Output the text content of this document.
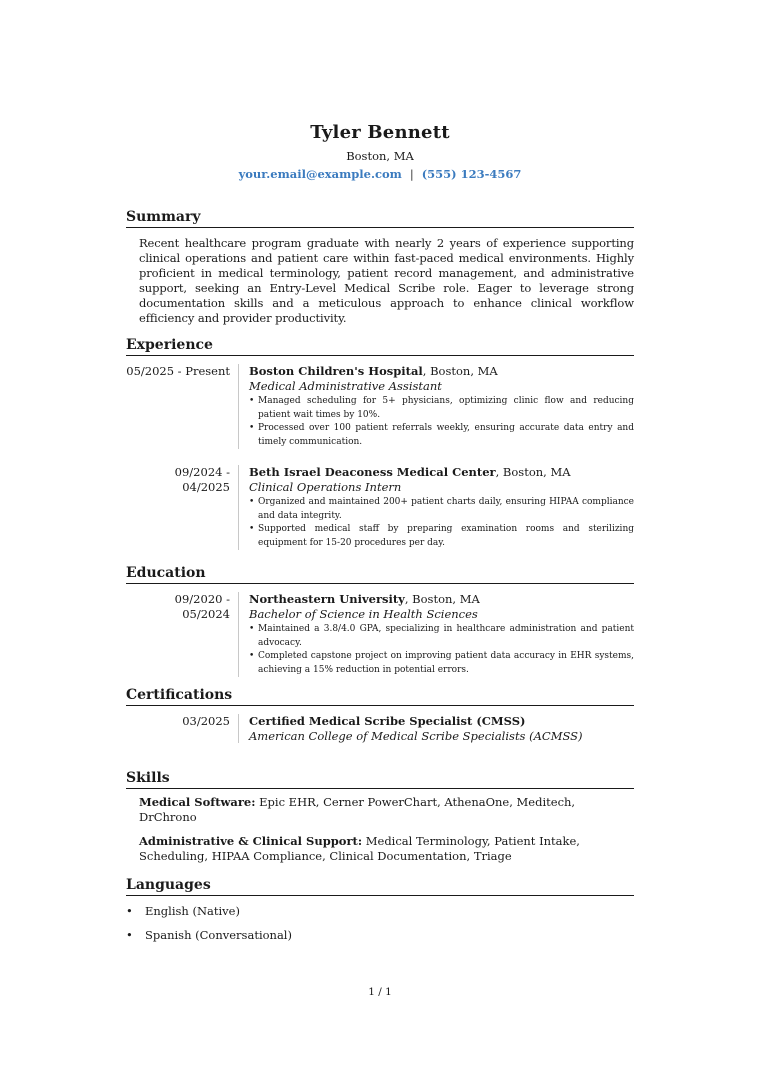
Tyler Bennett
Boston, MA
your.email@example.com | (555) 123-4567
Summary
Recent healthcare program graduate with nearly 2 years of experience supporting clinical operations and patient care within fast-paced medical environments. Highly proficient in medical terminology, patient record management, and administrative support, seeking an Entry-Level Medical Scribe role. Eager to leverage strong documentation skills and a meticulous approach to enhance clinical workflow efficiency and provider productivity.
Experience
05/2025 - Present	Boston Children's Hospital, Boston, MA
Medical Administrative Assistant
• Managed scheduling for 5+ physicians, optimizing clinic flow and reducing patient wait times by 10%.
• Processed over 100 patient referrals weekly, ensuring accurate data entry and timely communication.
09/2024 - 04/2025
Beth Israel Deaconess Medical Center, Boston, MA
Clinical Operations Intern
• Organized and maintained 200+ patient charts daily, ensuring HIPAA compliance and data integrity.
• Supported medical staff by preparing examination rooms and sterilizing equipment for 15-20 procedures per day.
Education
09/2020 - 05/2024
Northeastern University, Boston, MA
Bachelor of Science in Health Sciences
• Maintained a 3.8/4.0 GPA, specializing in healthcare administration and patient advocacy.
• Completed capstone project on improving patient data accuracy in EHR systems, achieving a 15% reduction in potential errors.
Certifications
03/2025	Certified Medical Scribe Specialist (CMSS)
American College of Medical Scribe Specialists (ACMSS)
Skills
Medical Software: Epic EHR, Cerner PowerChart, AthenaOne, Meditech, DrChrono
Administrative & Clinical Support: Medical Terminology, Patient Intake, Scheduling, HIPAA Compliance, Clinical Documentation, Triage
Languages
• English (Native)
• Spanish (Conversational)
1 / 1
